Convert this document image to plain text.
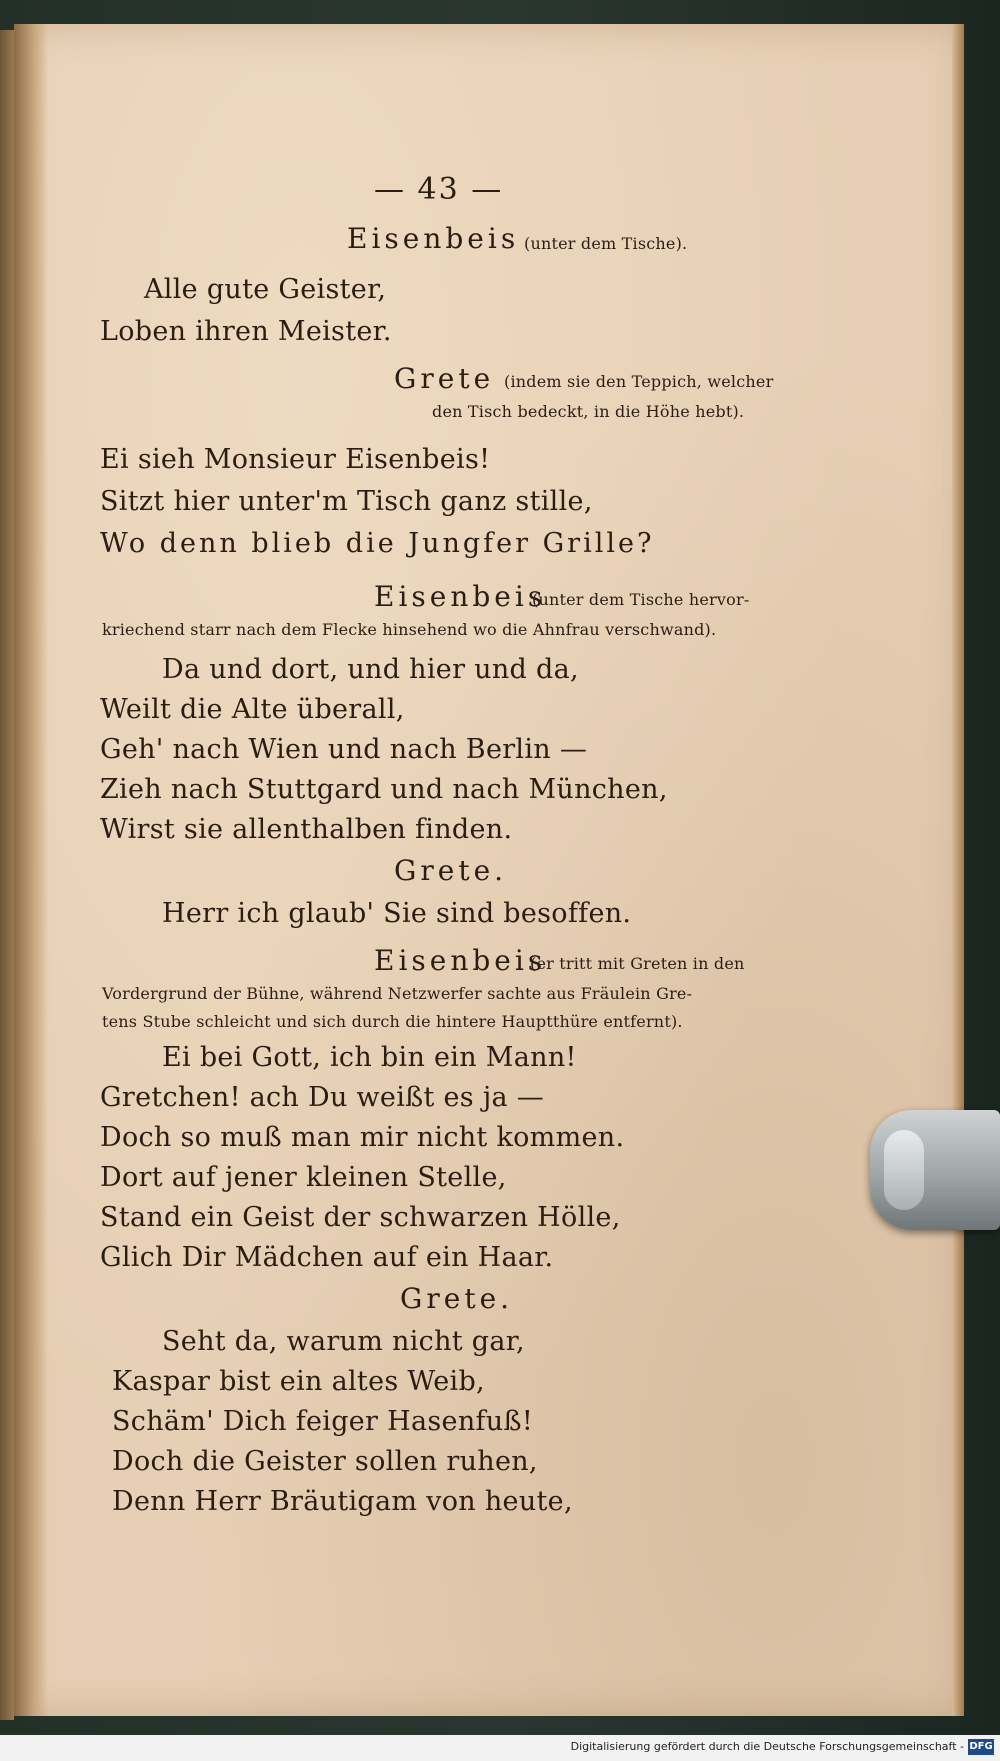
— 43 —
Eisenbeis (unter dem Tische).
Alle gute Geister,
Loben ihren Meister.
Grete (indem sie den Teppich, welcher
den Tisch bedeckt, in die Höhe hebt).
Ei sieh Monsieur Eisenbeis!
Sitzt hier unter'm Tisch ganz stille,
Wo denn blieb die Jungfer Grille?
Eisenbeis
(unter dem Tische hervor-
kriechend starr nach dem Flecke hinsehend wo die Ahnfrau verschwand).
Da und dort, und hier und da,
Weilt die Alte überall,
Geh' nach Wien und nach Berlin —
Zieh nach Stuttgard und nach München,
Wirst sie allenthalben finden.
Grete.
Herr ich glaub' Sie sind besoffen.
Eisenbeis
(er tritt mit Greten in den
Vordergrund der Bühne, während Netzwerfer sachte aus Fräulein Gre-
tens Stube schleicht und sich durch die hintere Hauptthüre entfernt).
Ei bei Gott, ich bin ein Mann!
Gretchen! ach Du weißt es ja —
Doch so muß man mir nicht kommen.
Dort auf jener kleinen Stelle,
Stand ein Geist der schwarzen Hölle,
Glich Dir Mädchen auf ein Haar.
Grete.
Seht da, warum nicht gar,
Kaspar bist ein altes Weib,
Schäm' Dich feiger Hasenfuß!
Doch die Geister sollen ruhen,
Denn Herr Bräutigam von heute,
Digitalisierung gefördert durch die Deutsche Forschungsgemeinschaft - DFG
